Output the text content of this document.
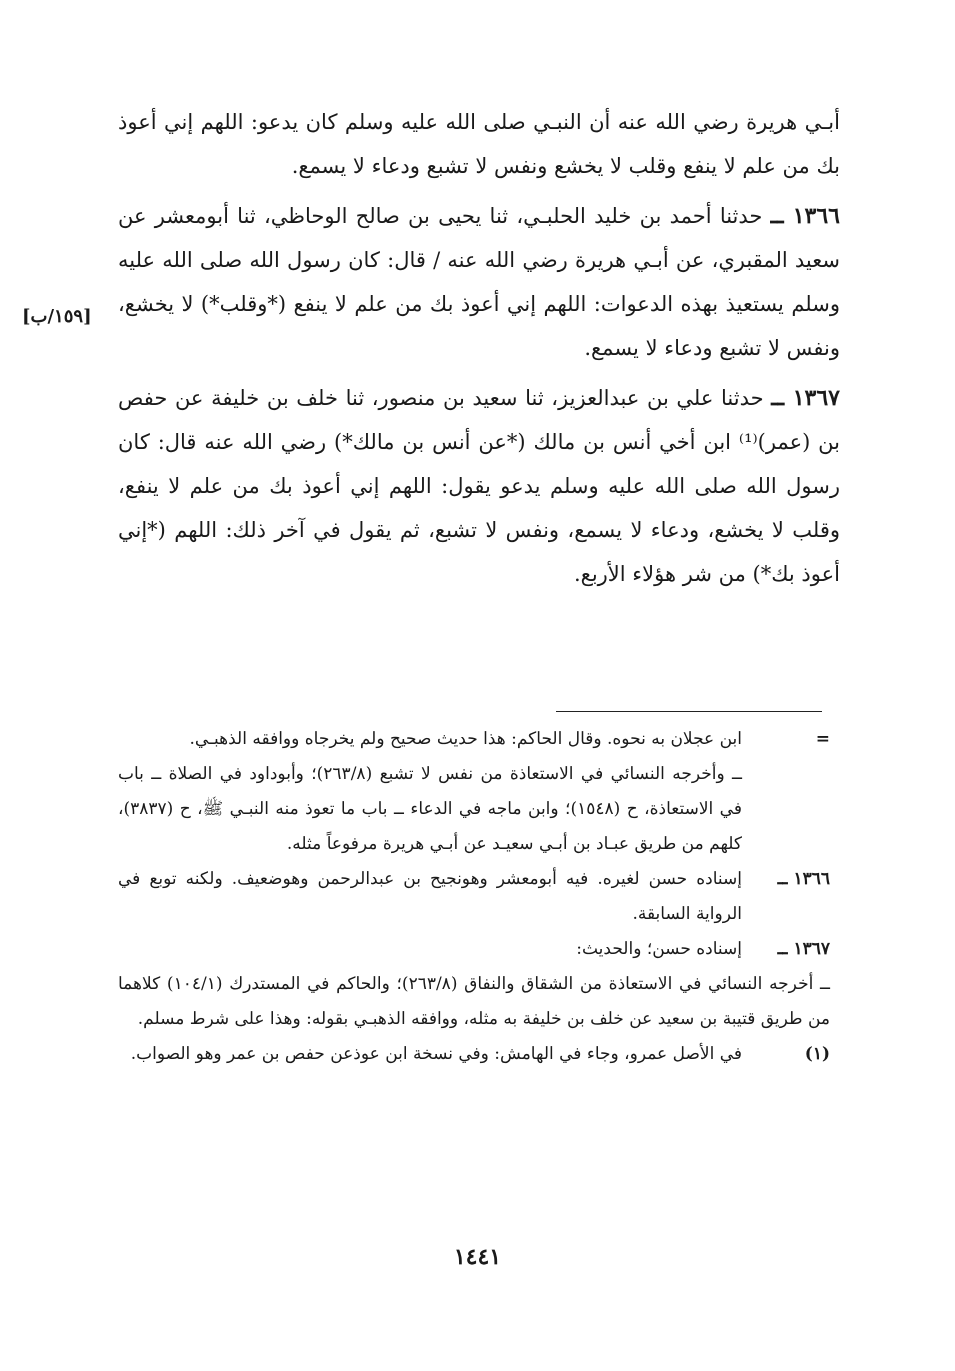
أبـي هريرة رضي الله عنه أن النبـي صلى الله عليه وسلم كان يدعو: اللهم إني أعوذ بك من علم لا ينفع وقلب لا يخشع ونفس لا تشبع ودعاء لا يسمع.

١٣٦٦ ــ حدثنا أحمد بن خليد الحلبـي، ثنا يحيى بن صالح الوحاظي، ثنا أبومعشر عن سعيد المقبري، عن أبـي هريرة رضي الله عنه / قال: كان رسول الله صلى الله عليه وسلم يستعيذ بهذه الدعوات: اللهم إني أعوذ بك من علم لا ينفع (*وقلب*) لا يخشع، ونفس لا تشبع ودعاء لا يسمع.

١٣٦٧ ــ حدثنا علي بن عبدالعزيز، ثنا سعيد بن منصور، ثنا خلف بن خليفة عن حفص بن (عمر)⁽¹⁾ ابن أخي أنس بن مالك (*عن أنس بن مالك*) رضي الله عنه قال: كان رسول الله صلى الله عليه وسلم يدعو يقول: اللهم إني أعوذ بك من علم لا ينفع، وقلب لا يخشع، ودعاء لا يسمع، ونفس لا تشبع، ثم يقول في آخر ذلك: اللهم (*إني أعوذ بك*) من شر هؤلاء الأربع.

[١٥٩/ب]
=

ابن عجلان به نحوه. وقال الحاكم: هذا حديث صحيح ولم يخرجاه ووافقه الذهبـي.

ــ وأخرجه النسائي في الاستعاذة من نفس لا تشبع (٢٦٣/٨)؛ وأبوداود في الصلاة ــ باب في الاستعاذة، ح (١٥٤٨)؛ وابن ماجه في الدعاء ــ باب ما تعوذ منه النبـي ﷺ، ح (٣٨٣٧)، كلهم من طريق عبـاد بن أبـي سعيـد عن أبـي هريرة مرفوعاً مثله.

١٣٦٦ ــ

إسناده حسن لغيره. فيه أبومعشر وهونجيح بن عبدالرحمن وهوضعيف. ولكنه توبع في الرواية السابقة.

١٣٦٧ ــ

إسناده حسن؛ والحديث:

ــ أخرجه النسائي في الاستعاذة من الشقاق والنفاق (٢٦٣/٨)؛ والحاكم في المستدرك (١٠٤/١) كلاهما من طريق قتيبة بن سعيد عن خلف بن خليفة به مثله، ووافقه الذهبـي بقوله: وهذا على شرط مسلم.

(١)

في الأصل عمرو، وجاء في الهامش: وفي نسخة ابن عوذعن حفص بن عمر وهو الصواب.

١٤٤١
